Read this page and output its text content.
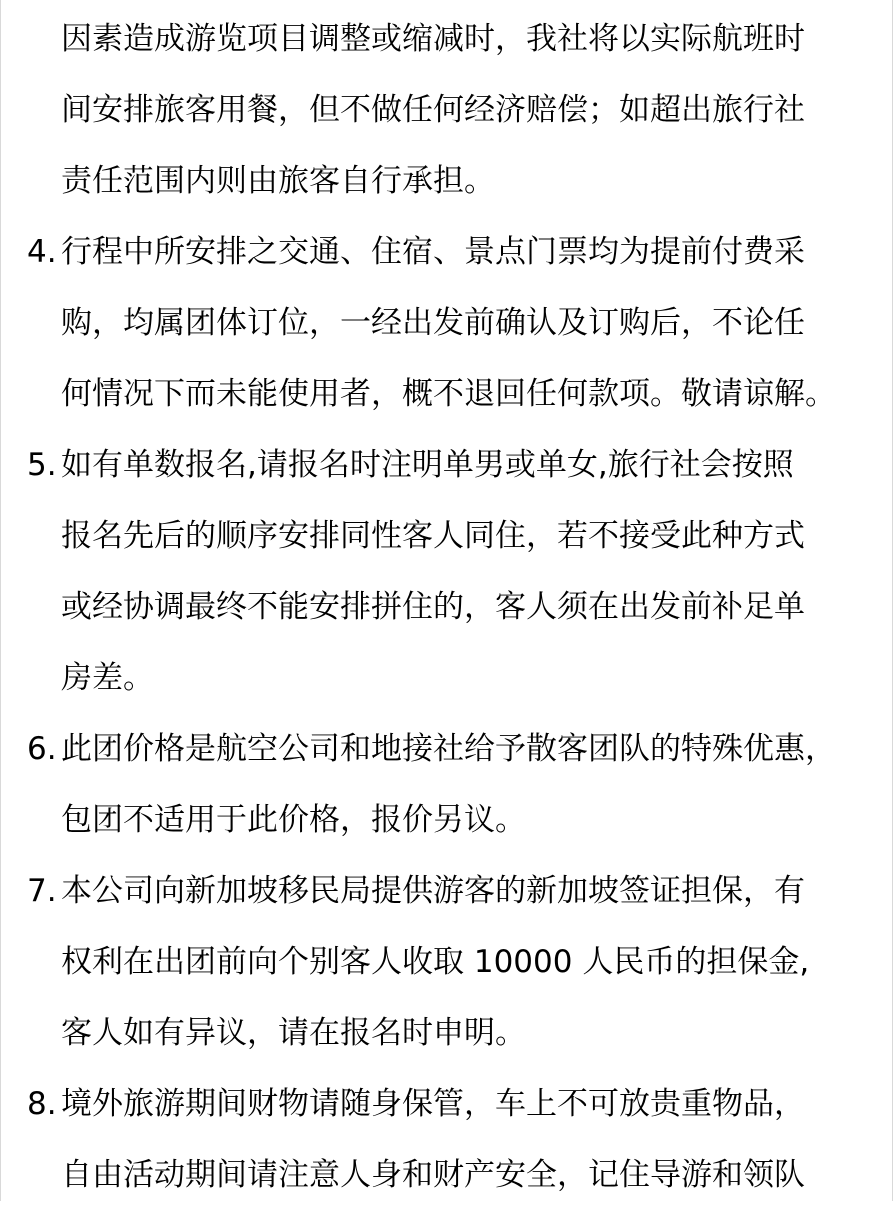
因素造成游览项目调整或缩减时，我社将以实际航班时
间安排旅客用餐，但不做任何经济赔偿；如超出旅行社
责任范围内则由旅客自行承担。
4. 行程中所安排之交通、住宿、景点门票均为提前付费采
购，均属团体订位，一经出发前确认及订购后，不论任
何情况下而未能使用者，概不退回任何款项。敬请谅解。
5. 如有单数报名,请报名时注明单男或单女,旅行社会按照
报名先后的顺序安排同性客人同住，若不接受此种方式
或经协调最终不能安排拼住的，客人须在出发前补足单
房差。
6. 此团价格是航空公司和地接社给予散客团队的特殊优惠，
包团不适用于此价格，报价另议。
7. 本公司向新加坡移民局提供游客的新加坡签证担保，有
权利在出团前向个别客人收取 10000 人民币的担保金,
客人如有异议，请在报名时申明。
8. 境外旅游期间财物请随身保管，车上不可放贵重物品，
自由活动期间请注意人身和财产安全，记住导游和领队
